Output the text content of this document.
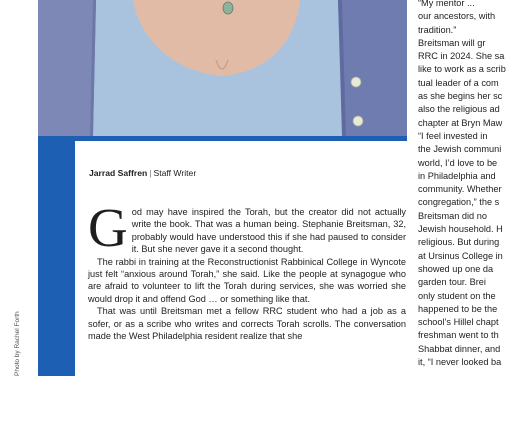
Photo by Rachel Forth
Jarrad Saffren | Staff Writer

God may have inspired the Torah, but the creator did not actually write the book. That was a human being. Stephanie Breitsman, 32, probably would have understood this if she had paused to consider it. But she never gave it a second thought.

The rabbi in training at the Reconstructionist Rabbinical College in Wyncote just felt “anxious around Torah,” she said. Like the people at synagogue who are afraid to volunteer to lift the Torah during services, she was worried she would drop it and offend God … or something like that.

That was until Breitsman met a fellow RRC student who had a job as a sofer, or as a scribe who writes and corrects Torah scrolls. The conversation made the West Philadelphia resident realize that she

“My mentor ...
our ancestors, with
tradition.”
Breitsman will gr
RRC in 2024. She sa
like to work as a scrib
tual leader of a com
as she begins her sc
also the religious ad
chapter at Bryn Maw
“I feel invested in
the Jewish communi
world, I’d love to be
in Philadelphia and
community. Whether
congregation,” the s
Breitsman did no
Jewish household. H
religious. But during
at Ursinus College in
showed up one da
garden tour. Brei
only student on the
happened to be the
school’s Hillel chapt
freshman went to th
Shabbat dinner, and
it, “I never looked ba
